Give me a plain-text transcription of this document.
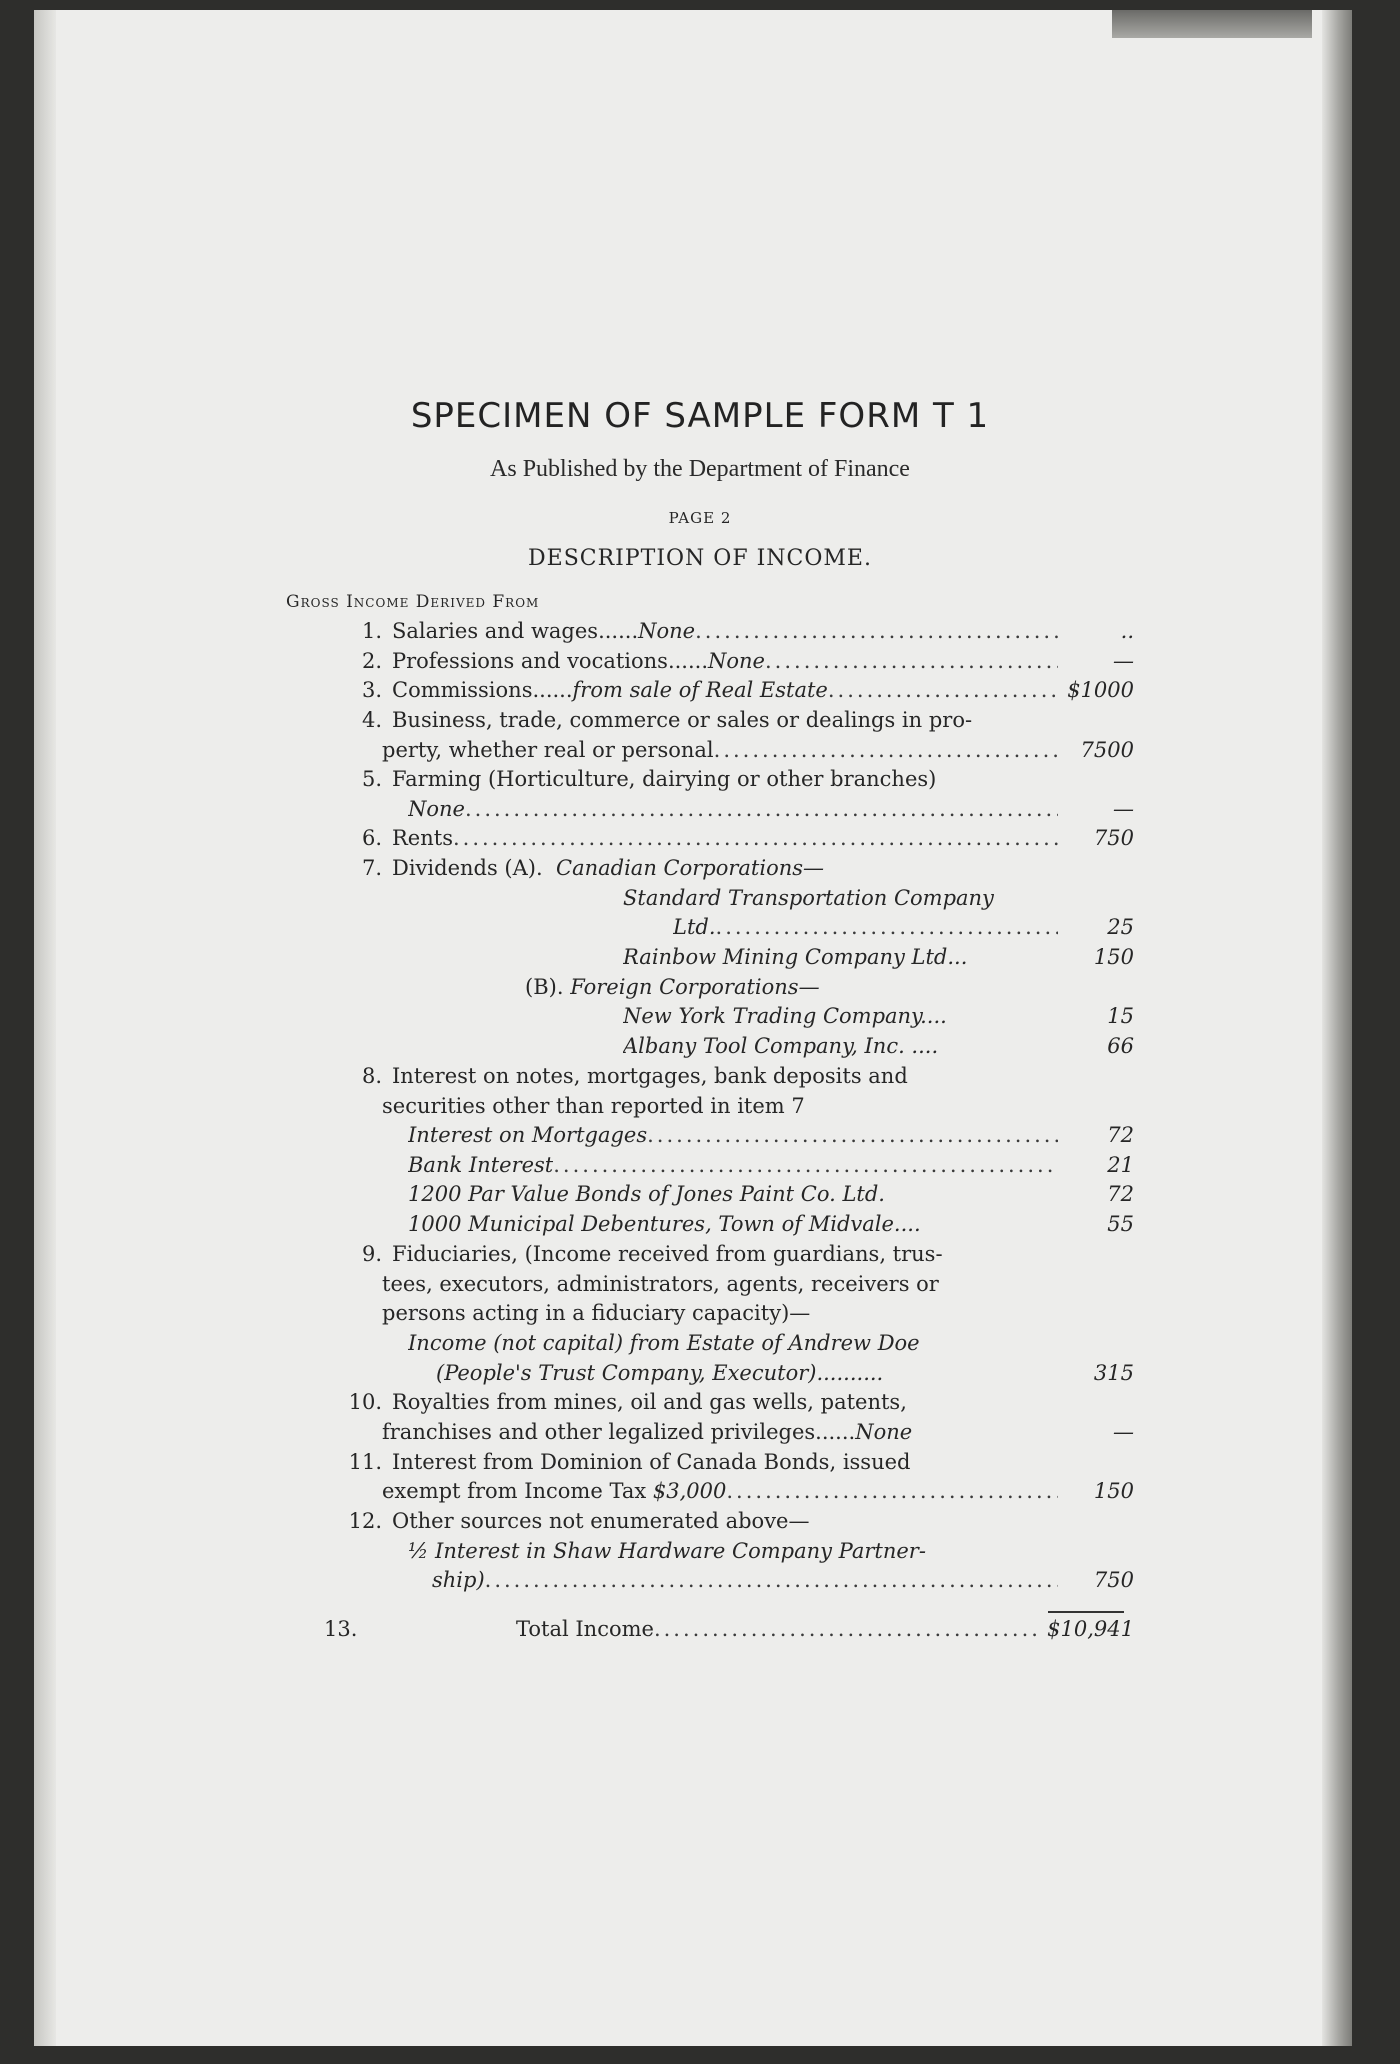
SPECIMEN OF SAMPLE FORM T 1
As Published by the Department of Finance
PAGE 2
DESCRIPTION OF INCOME.
Gross Income Derived From
1. Salaries and wages......None .....	..
2. Professions and vocations......None .....	—
3. Commissions......from sale of Real Estate .....	$1000
4. Business, trade, commerce or sales or dealings in pro-
perty, whether real or personal .....	7500
5. Farming (Horticulture, dairying or other branches)
None .....	—
6. Rents .....	750
7. Dividends (A). Canadian Corporations—
Standard Transportation Company
Ltd. .....	25
Rainbow Mining Company Ltd...	150
(B). Foreign Corporations—
New York Trading Company....	15
Albany Tool Company, Inc. ....	66
8. Interest on notes, mortgages, bank deposits and
securities other than reported in item 7
Interest on Mortgages .....	72
Bank Interest .....	21
1200 Par Value Bonds of Jones Paint Co. Ltd.	72
1000 Municipal Debentures, Town of Midvale....	55
9. Fiduciaries, (Income received from guardians, trus-
tees, executors, administrators, agents, receivers or
persons acting in a fiduciary capacity)—
Income (not capital) from Estate of Andrew Doe
(People's Trust Company, Executor)..........	315
10. Royalties from mines, oil and gas wells, patents,
franchises and other legalized privileges......None	—
11. Interest from Dominion of Canada Bonds, issued
exempt from Income Tax $3,000 .....	150
12. Other sources not enumerated above—
½ Interest in Shaw Hardware Company Partner-
ship) .....	750
13.	Total Income .....	$10,941
